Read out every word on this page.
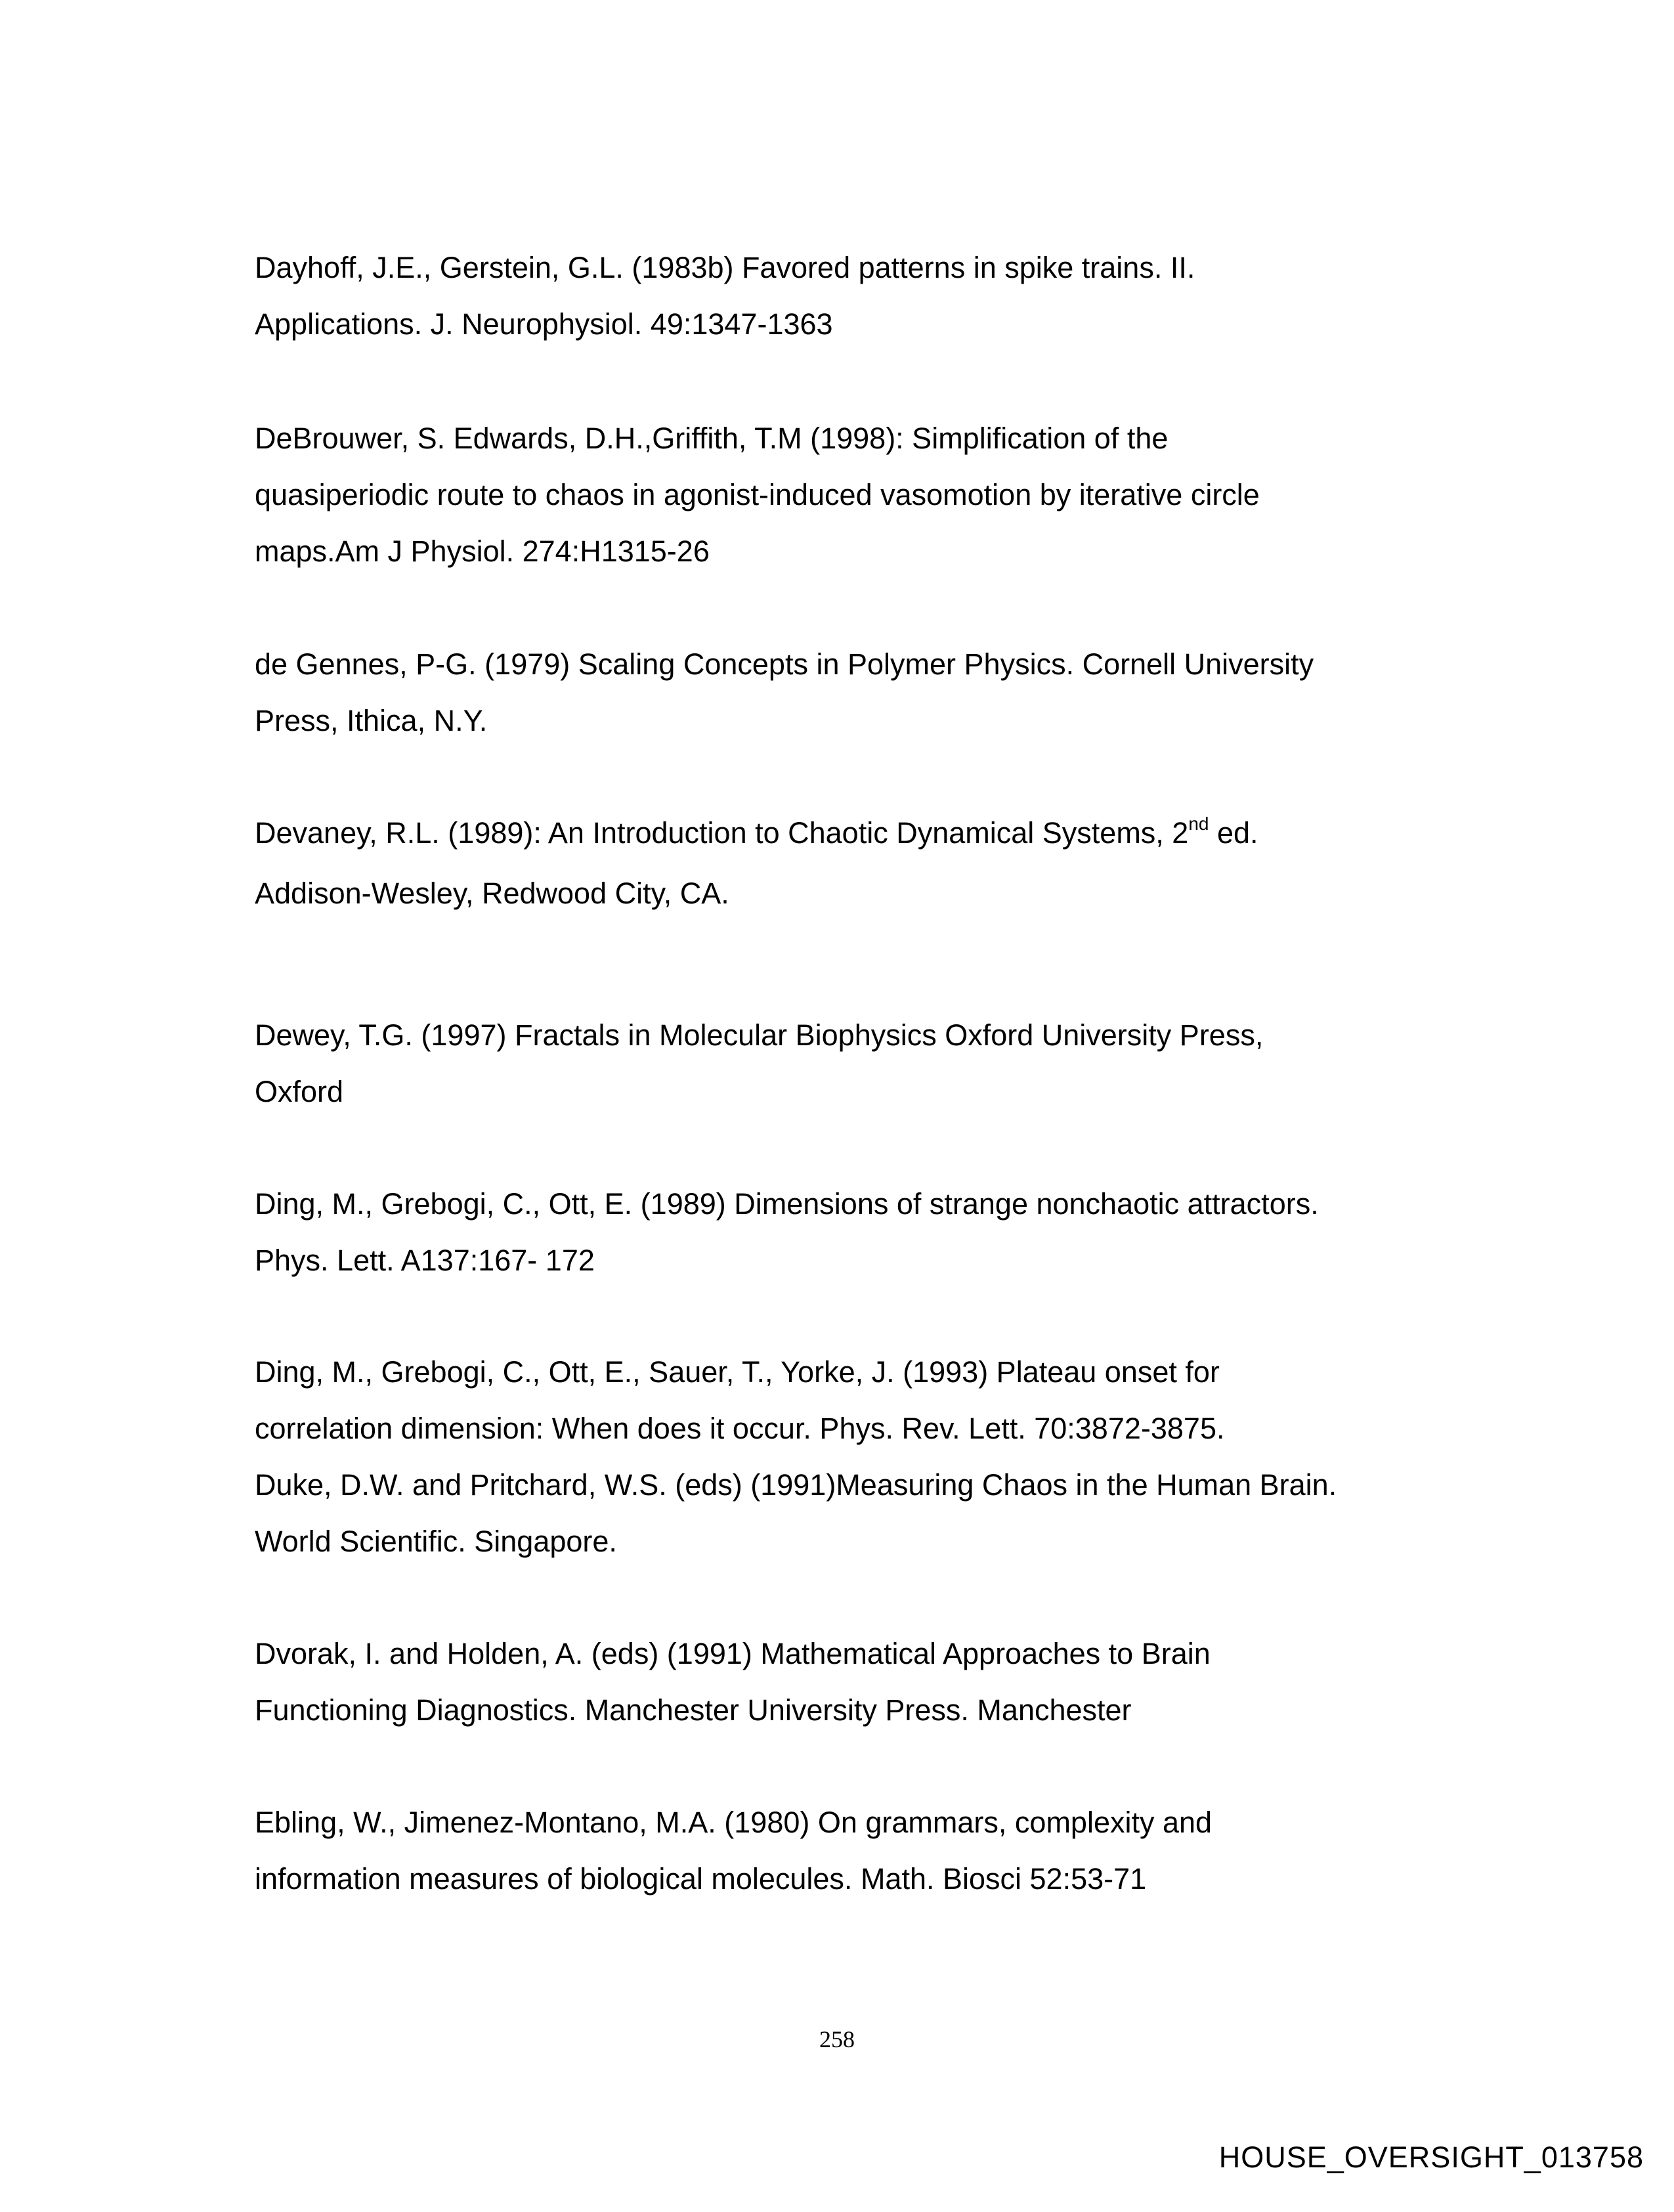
Dayhoff, J.E., Gerstein, G.L. (1983b) Favored patterns in spike trains. II.
Applications. J. Neurophysiol. 49:1347-1363

DeBrouwer, S. Edwards, D.H.,Griffith, T.M (1998): Simplification of the
quasiperiodic route to chaos in agonist-induced vasomotion by iterative circle
maps.Am J Physiol. 274:H1315-26

de Gennes, P-G. (1979) Scaling Concepts in Polymer Physics. Cornell University
Press, Ithica, N.Y.

Devaney, R.L. (1989): An Introduction to Chaotic Dynamical Systems, 2nd ed.
Addison-Wesley, Redwood City, CA.

Dewey, T.G. (1997) Fractals in Molecular Biophysics Oxford University Press,
Oxford

Ding, M., Grebogi, C., Ott, E. (1989) Dimensions of strange nonchaotic attractors.
Phys. Lett. A137:167- 172

Ding, M., Grebogi, C., Ott, E., Sauer, T., Yorke, J. (1993) Plateau onset for
correlation dimension: When does it occur. Phys. Rev. Lett. 70:3872-3875.
Duke, D.W. and Pritchard, W.S. (eds) (1991)Measuring Chaos in the Human Brain.
World Scientific. Singapore.

Dvorak, I. and Holden, A. (eds) (1991) Mathematical Approaches to Brain
Functioning Diagnostics. Manchester University Press. Manchester

Ebling, W., Jimenez-Montano, M.A. (1980) On grammars, complexity and
information measures of biological molecules. Math. Biosci 52:53-71

258
HOUSE_OVERSIGHT_013758
